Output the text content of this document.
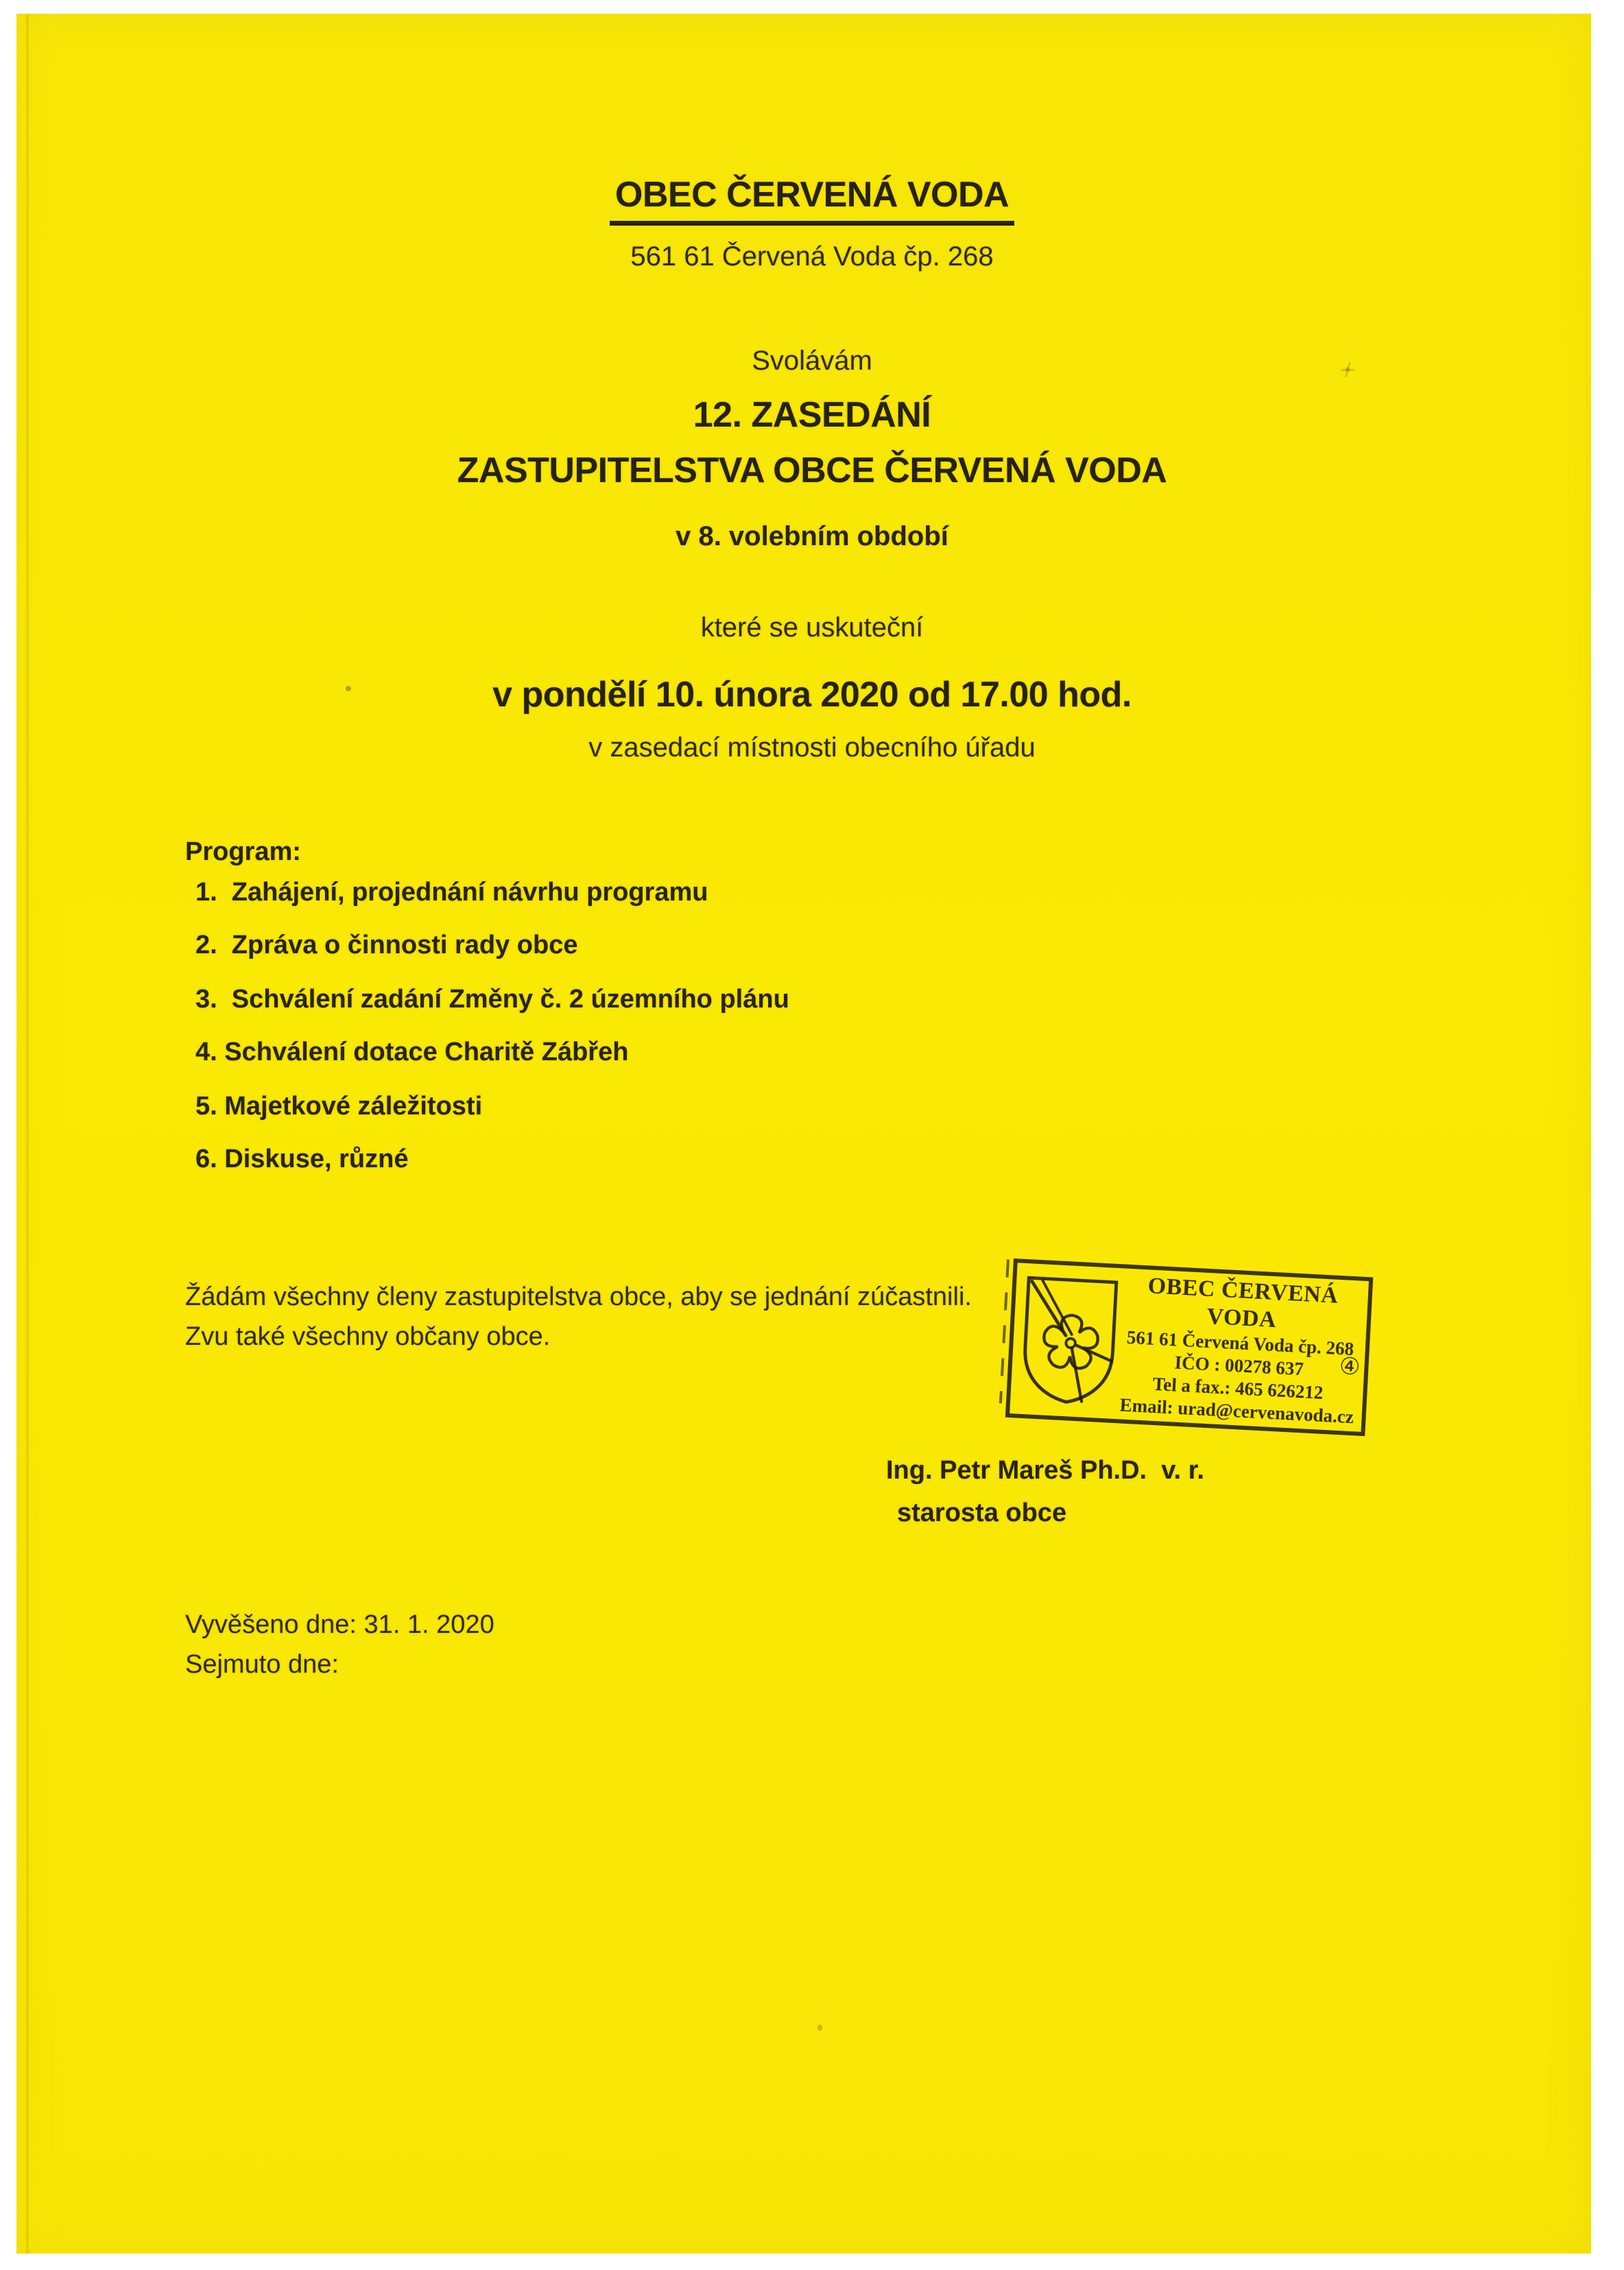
OBEC ČERVENÁ VODA
561 61 Červená Voda čp. 268
Svolávám
12. ZASEDÁNÍ
ZASTUPITELSTVA OBCE ČERVENÁ VODA
v 8. volebním období
které se uskuteční
v pondělí 10. února 2020 od 17.00 hod.
v zasedací místnosti obecního úřadu
Program:
1.  Zahájení, projednání návrhu programu
2.  Zpráva o činnosti rady obce
3.  Schválení zadání Změny č. 2 územního plánu
4. Schválení dotace Charitě Zábřeh
5. Majetkové záležitosti
6. Diskuse, různé
Žádám všechny členy zastupitelstva obce, aby se jednání zúčastnili.
Zvu také všechny občany obce.
OBEC ČERVENÁ VODA
561 61 Červená Voda čp. 268
IČO : 00278 637
Tel a fax.: 465 626212
Email: urad@cervenavoda.cz
④
Ing. Petr Mareš Ph.D.  v. r.
starosta obce
Vyvěšeno dne: 31. 1. 2020
Sejmuto dne:
